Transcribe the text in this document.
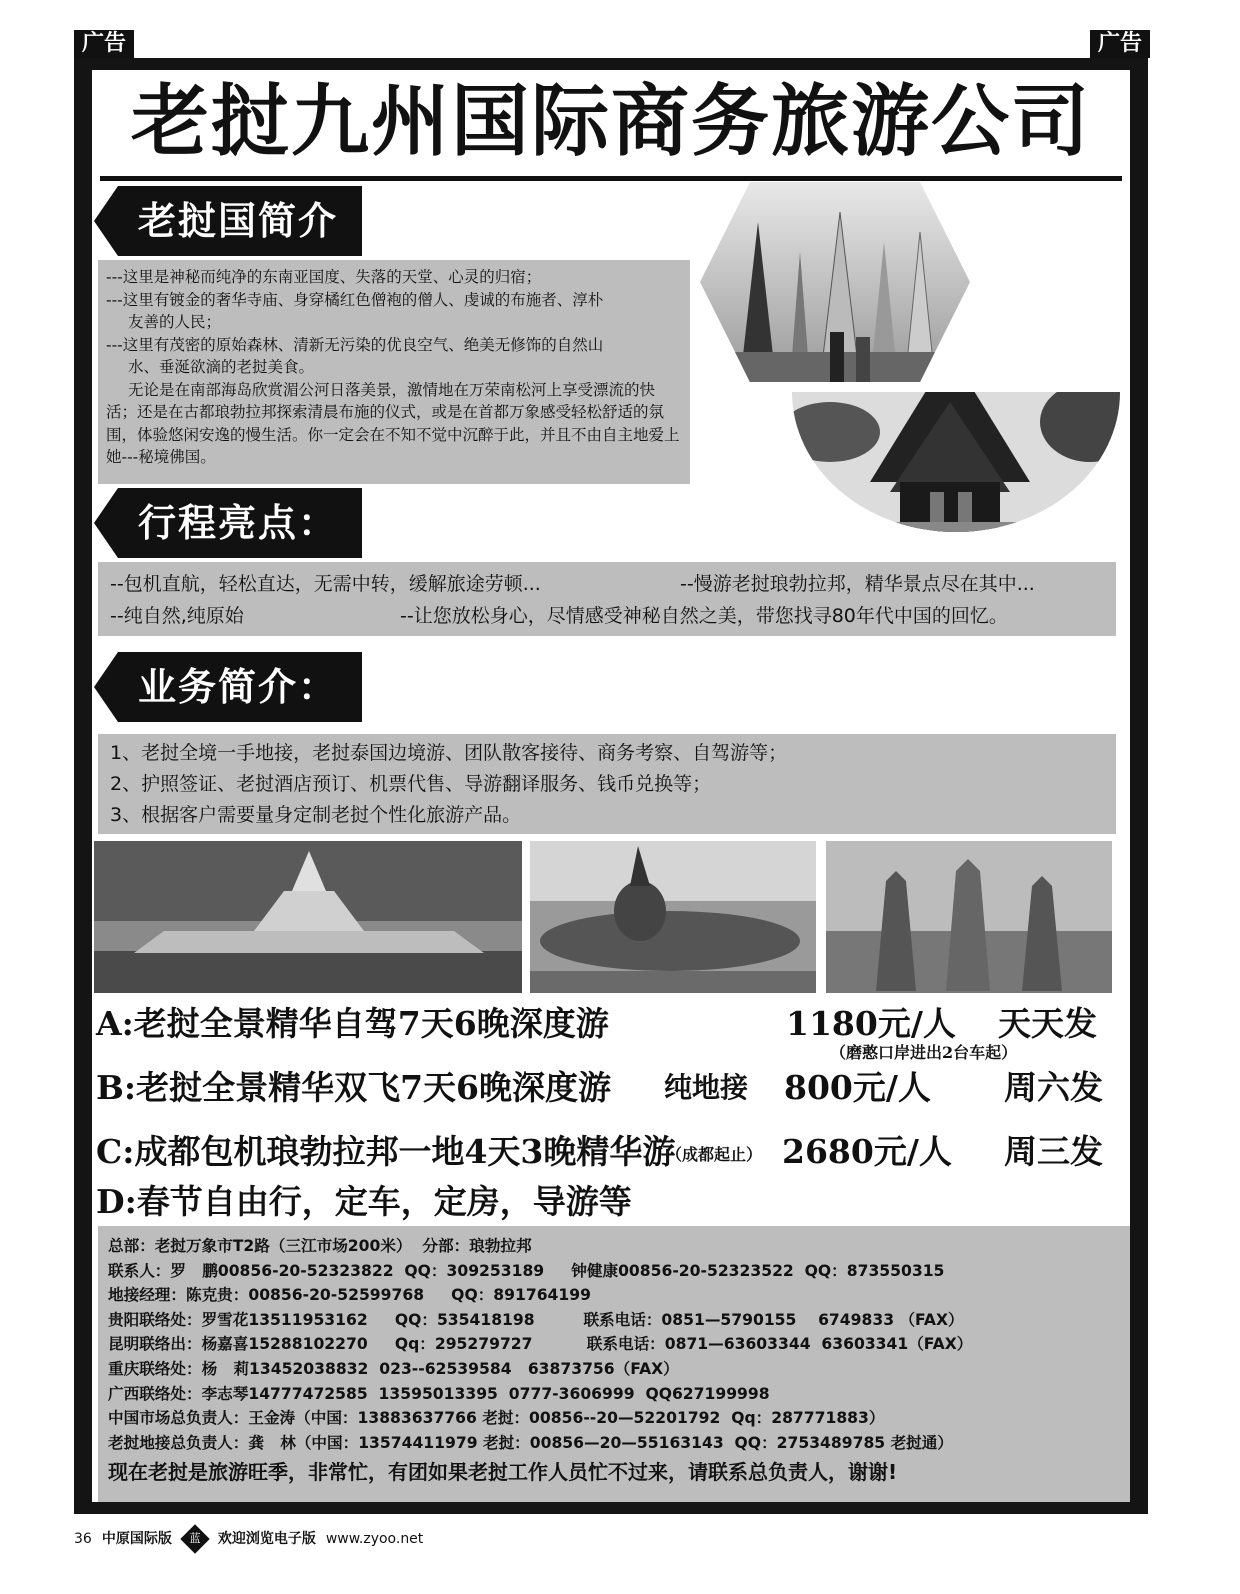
广告	广告
老挝九州国际商务旅游公司
老挝国简介

---这里是神秘而纯净的东南亚国度、失落的天堂、心灵的归宿；

---这里有镀金的奢华寺庙、身穿橘红色僧袍的僧人、虔诚的布施者、淳朴

友善的人民；

---这里有茂密的原始森林、清新无污染的优良空气、绝美无修饰的自然山

水、垂涎欲滴的老挝美食。

无论是在南部海岛欣赏湄公河日落美景，激情地在万荣南松河上享受漂流的快活；还是在古都琅勃拉邦探索清晨布施的仪式，或是在首都万象感受轻松舒适的氛围，体验悠闲安逸的慢生活。你一定会在不知不觉中沉醉于此，并且不由自主地爱上她---秘境佛国。

行程亮点：
--包机直航，轻松直达，无需中转，缓解旅途劳顿...	--慢游老挝琅勃拉邦，精华景点尽在其中...
--纯自然,纯原始	--让您放松身心，尽情感受神秘自然之美，带您找寻80年代中国的回忆。
业务简介：

1、老挝全境一手地接，老挝泰国边境游、团队散客接待、商务考察、自驾游等；

2、护照签证、老挝酒店预订、机票代售、导游翻译服务、钱币兑换等；

3、根据客户需要量身定制老挝个性化旅游产品。

A:老挝全景精华自驾7天6晚深度游	1180元/人 天天发
（磨憨口岸进出2台车起）
B:老挝全景精华双飞7天6晚深度游 纯地接 800元/人 周六发
C:成都包机琅勃拉邦一地4天3晚精华游
（成都起止） 2680元/人 周三发
D:春节自由行，定车，定房，导游等

总部：老挝万象市T2路（三江市场200米）  分部：琅勃拉邦

联系人：罗   鹏00856-20-52323822  QQ：309253189     钟健康00856-20-52323522  QQ：873550315

地接经理：陈克贵：00856-20-52599768     QQ：891764199

贵阳联络处：罗雪花13511953162     QQ：535418198         联系电话：0851—5790155    6749833 （FAX）

昆明联络出：杨嘉喜15288102270     Qq：295279727          联系电话：0871—63603344  63603341（FAX）

重庆联络处：杨   莉13452038832  023--62539584   63873756（FAX）

广西联络处：李志琴14777472585  13595013395  0777-3606999  QQ627199998

中国市场总负责人：王金涛（中国：13883637766 老挝：00856--20—52201792  Qq：287771883）

老挝地接总负责人：龚   林（中国：13574411979 老挝：00856—20—55163143  QQ：2753489785 老挝通）

现在老挝是旅游旺季，非常忙，有团如果老挝工作人员忙不过来，请联系总负责人，谢谢!

36 中原国际版	蓝	欢迎浏览电子版 www.zyoo.net
